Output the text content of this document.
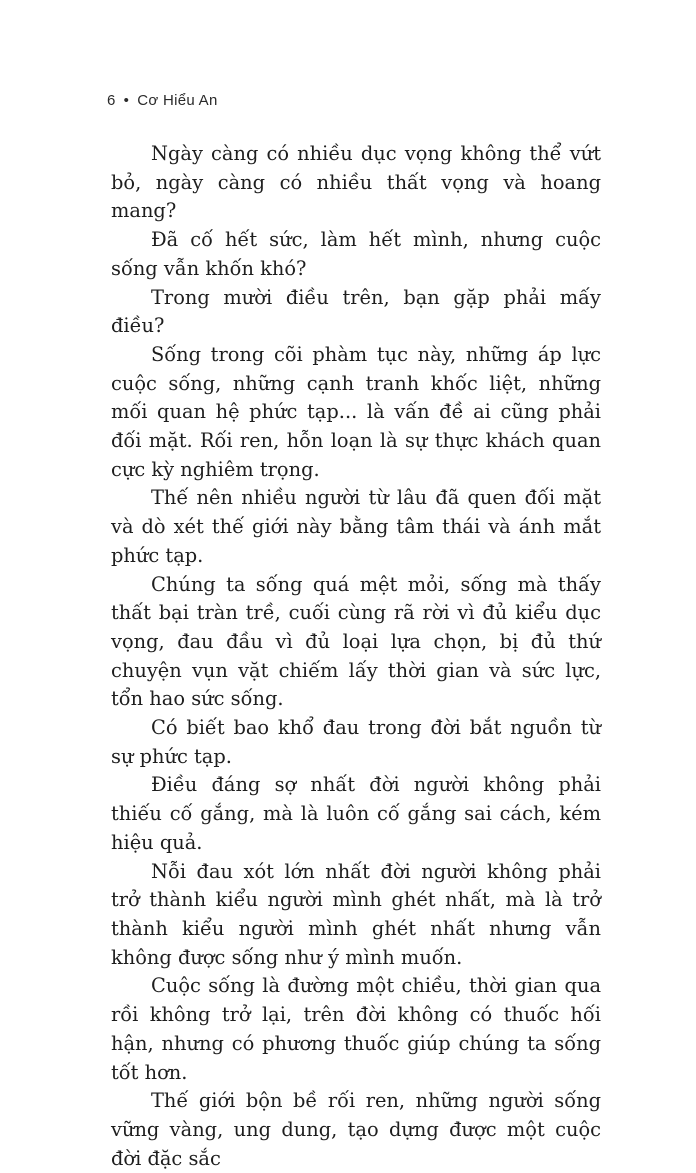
6 • Cơ Hiểu An

Ngày càng có nhiều dục vọng không thể vứt bỏ, ngày càng có nhiều thất vọng và hoang mang?

Đã cố hết sức, làm hết mình, nhưng cuộc sống vẫn khốn khó?

Trong mười điều trên, bạn gặp phải mấy điều?

Sống trong cõi phàm tục này, những áp lực cuộc sống, những cạnh tranh khốc liệt, những mối quan hệ phức tạp... là vấn đề ai cũng phải đối mặt. Rối ren, hỗn loạn là sự thực khách quan cực kỳ nghiêm trọng.

Thế nên nhiều người từ lâu đã quen đối mặt và dò xét thế giới này bằng tâm thái và ánh mắt phức tạp.

Chúng ta sống quá mệt mỏi, sống mà thấy thất bại tràn trề, cuối cùng rã rời vì đủ kiểu dục vọng, đau đầu vì đủ loại lựa chọn, bị đủ thứ chuyện vụn vặt chiếm lấy thời gian và sức lực, tổn hao sức sống.

Có biết bao khổ đau trong đời bắt nguồn từ sự phức tạp.

Điều đáng sợ nhất đời người không phải thiếu cố gắng, mà là luôn cố gắng sai cách, kém hiệu quả.

Nỗi đau xót lớn nhất đời người không phải trở thành kiểu người mình ghét nhất, mà là trở thành kiểu người mình ghét nhất nhưng vẫn không được sống như ý mình muốn.

Cuộc sống là đường một chiều, thời gian qua rồi không trở lại, trên đời không có thuốc hối hận, nhưng có phương thuốc giúp chúng ta sống tốt hơn.

Thế giới bộn bề rối ren, những người sống vững vàng, ung dung, tạo dựng được một cuộc đời đặc sắc
